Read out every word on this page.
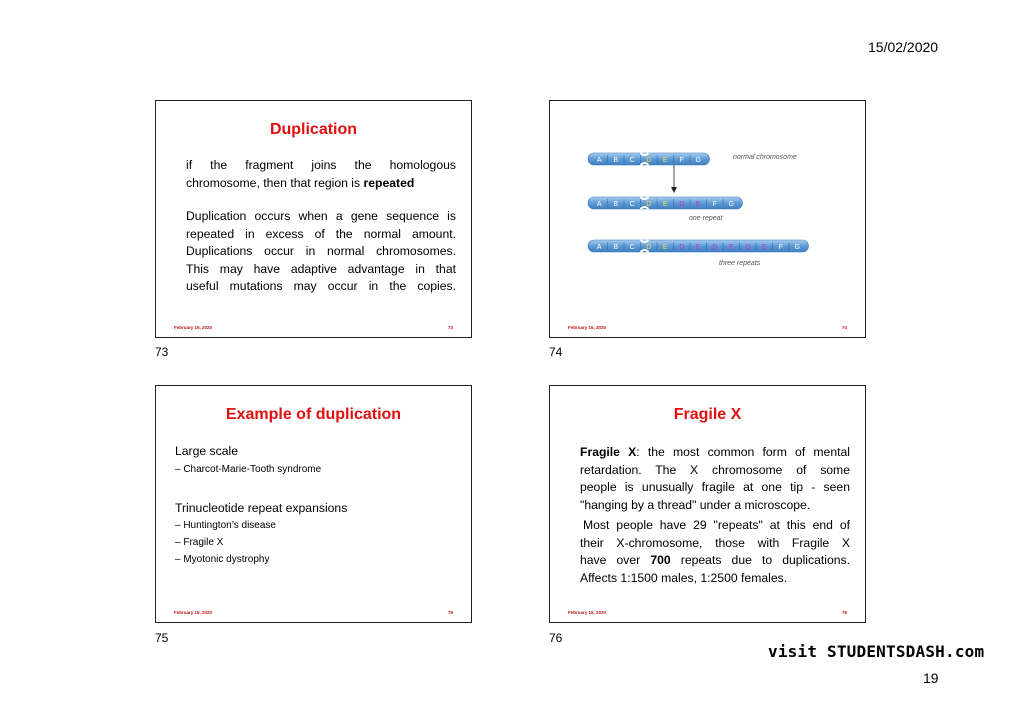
15/02/2020
Duplication

if the fragment joins the homologous

chromosome, then that region is repeated

Duplication occurs when a gene sequence is

repeated in excess of the normal amount.

Duplications occur in normal chromosomes.

This may have adaptive advantage in that

useful mutations may occur in the copies.

February 15, 2020	73
73
A B C D E F G
A B C D E D E F G
A B C D E D E D E D E F G
normal chromosome
one repeat
three repeats
February 15, 2020	74
74
Example of duplication

Large scale

– Charcot-Marie-Tooth syndrome

Trinucleotide repeat expansions

– Huntington’s disease

– Fragile X

– Myotonic dystrophy

February 15, 2020	75
75
Fragile X

Fragile X: the most common form of mental

retardation. The X chromosome of some

people is unusually fragile at one tip - seen

"hanging by a thread" under a microscope.

Most people have 29 "repeats" at this end of

their X-chromosome, those with Fragile X

have over 700 repeats due to duplications.

Affects 1:1500 males, 1:2500 females.

February 15, 2020	76
76
visit STUDENTSDASH.com
19
